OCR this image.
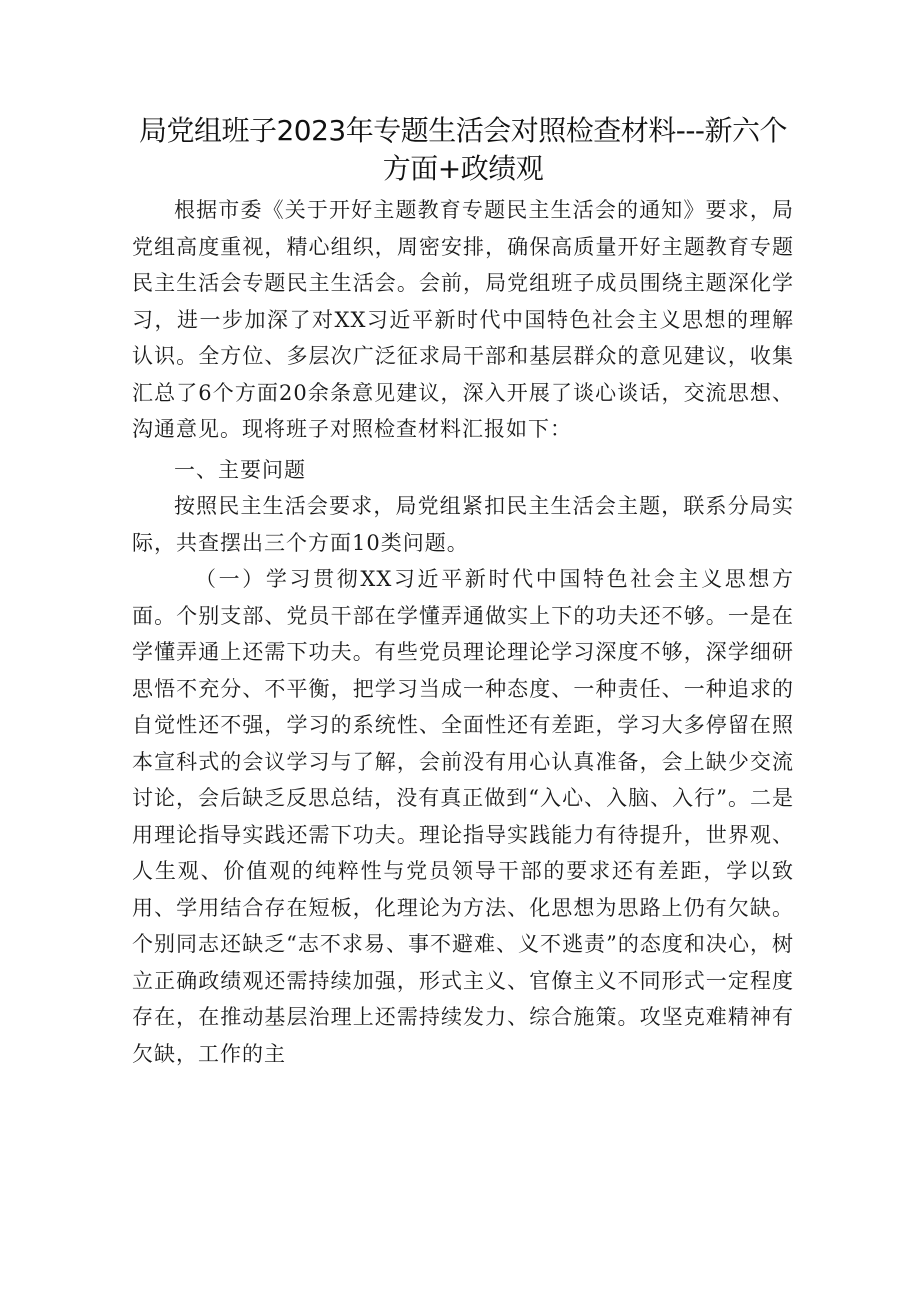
局党组班子2023年专题生活会对照检查材料---新六个方面+政绩观

根据市委《关于开好主题教育专题民主生活会的通知》要求，局党组高度重视，精心组织，周密安排，确保高质量开好主题教育专题民主生活会专题民主生活会。会前，局党组班子成员围绕主题深化学习，进一步加深了对XX习近平新时代中国特色社会主义思想的理解认识。全方位、多层次广泛征求局干部和基层群众的意见建议，收集汇总了6个方面20余条意见建议，深入开展了谈心谈话，交流思想、沟通意见。现将班子对照检查材料汇报如下：

一、主要问题

按照民主生活会要求，局党组紧扣民主生活会主题，联系分局实际，共查摆出三个方面10类问题。

（一）学习贯彻XX习近平新时代中国特色社会主义思想方面。个别支部、党员干部在学懂弄通做实上下的功夫还不够。一是在学懂弄通上还需下功夫。有些党员理论理论学习深度不够，深学细研思悟不充分、不平衡，把学习当成一种态度、一种责任、一种追求的自觉性还不强，学习的系统性、全面性还有差距，学习大多停留在照本宣科式的会议学习与了解，会前没有用心认真准备，会上缺少交流讨论，会后缺乏反思总结，没有真正做到“入心、入脑、入行”。二是用理论指导实践还需下功夫。理论指导实践能力有待提升，世界观、人生观、价值观的纯粹性与党员领导干部的要求还有差距，学以致用、学用结合存在短板，化理论为方法、化思想为思路上仍有欠缺。个别同志还缺乏“志不求易、事不避难、义不逃责”的态度和决心，树立正确政绩观还需持续加强，形式主义、官僚主义不同形式一定程度存在，在推动基层治理上还需持续发力、综合施策。攻坚克难精神有欠缺，工作的主
